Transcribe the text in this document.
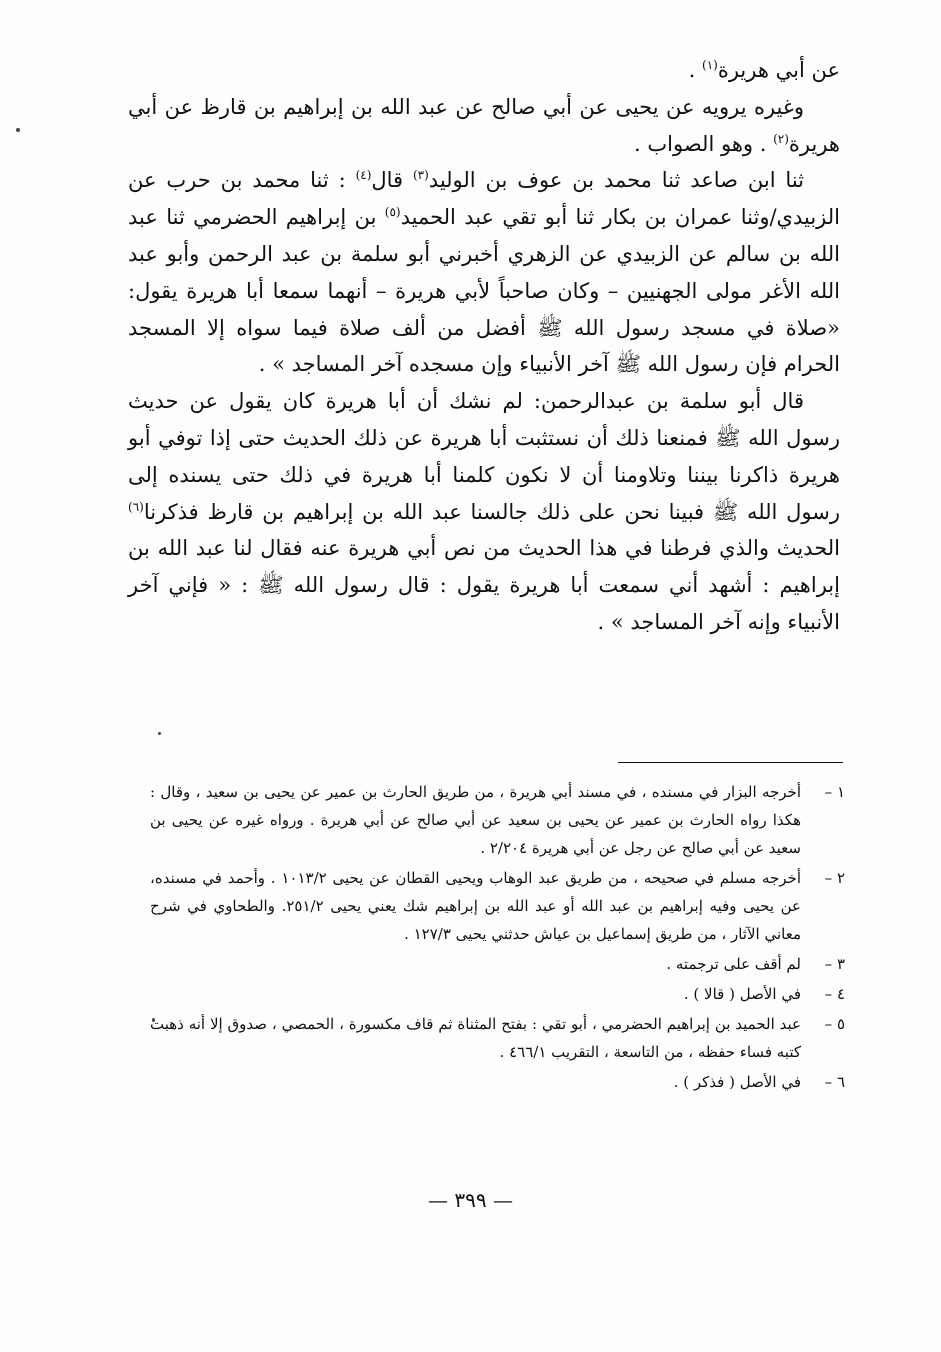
عن أبي هريرة$^{(١)}$ .

وغيره يرويه عن يحيى عن أبي صالح عن عبد الله بن إبراهيم بن قارظ عن أبي هريرة$^{(٢)}$ . وهو الصواب .

ثنا ابن صاعد ثنا محمد بن عوف بن الوليد$^{(٣)}$ قال$^{(٤)}$ : ثنا محمد بن حرب عن الزبيدي/وثنا عمران بن بكار ثنا أبو تقي عبد الحميد$^{(٥)}$ بن إبراهيم الحضرمي ثنا عبد الله بن سالم عن الزبيدي عن الزهري أخبرني أبو سلمة بن عبد الرحمن وأبو عبد الله الأغر مولى الجهنيين – وكان صاحباً لأبي هريرة – أنهما سمعا أبا هريرة يقول: «صلاة في مسجد رسول الله ﷺ أفضل من ألف صلاة فيما سواه إلا المسجد الحرام فإن رسول الله ﷺ آخر الأنبياء وإن مسجده آخر المساجد » .

قال أبو سلمة بن عبدالرحمن: لم نشك أن أبا هريرة كان يقول عن حديث رسول الله ﷺ فمنعنا ذلك أن نستثبت أبا هريرة عن ذلك الحديث حتى إذا توفي أبو هريرة ذاكرنا بيننا وتلاومنا أن لا نكون كلمنا أبا هريرة في ذلك حتى يسنده إلى رسول الله ﷺ فبينا نحن على ذلك جالسنا عبد الله بن إبراهيم بن قارظ فذكرنا$^{(٦)}$ الحديث والذي فرطنا في هذا الحديث من نص أبي هريرة عنه فقال لنا عبد الله بن إبراهيم : أشهد أني سمعت أبا هريرة يقول : قال رسول الله ﷺ : « فإني آخر الأنبياء وإنه آخر المساجد » .

١ –
أخرجه البزار في مسنده ، في مسند أبي هريرة ، من طريق الحارث بن عمير عن يحيى بن سعيد ، وقال : هكذا رواه الحارث بن عمير عن يحيى بن سعيد عن أبي صالح عن أبي هريرة . ورواه غيره عن يحيى بن سعيد عن أبي صالح عن رجل عن أبي هريرة ٢/٢٠٤ .
٢ –
أخرجه مسلم في صحيحه ، من طريق عبد الوهاب ويحيى القطان عن يحيى ١٠١٣/٢ . وأحمد في مسنده، عن يحيى وفيه إبراهيم بن عبد الله أو عبد الله بن إبراهيم شك يعني يحيى ٢٥١/٢. والطحاوي في شرح معاني الآثار ، من طريق إسماعيل بن عياش حدثني يحيى ١٢٧/٣ .
٣ –
لم أقف على ترجمته .
٤ –
في الأصل ( قالا ) .
٥ –
عبد الحميد بن إبراهيم الحضرمي ، أبو تقي : بفتح المثناة ثم قاف مكسورة ، الحمصي ، صدوق إلا أنه ذهبت كتبه فساء حفظه ، من التاسعة ، التقريب ٤٦٦/١ .
٦ –
في الأصل ( فذكر ) .
— ٣٩٩ —
